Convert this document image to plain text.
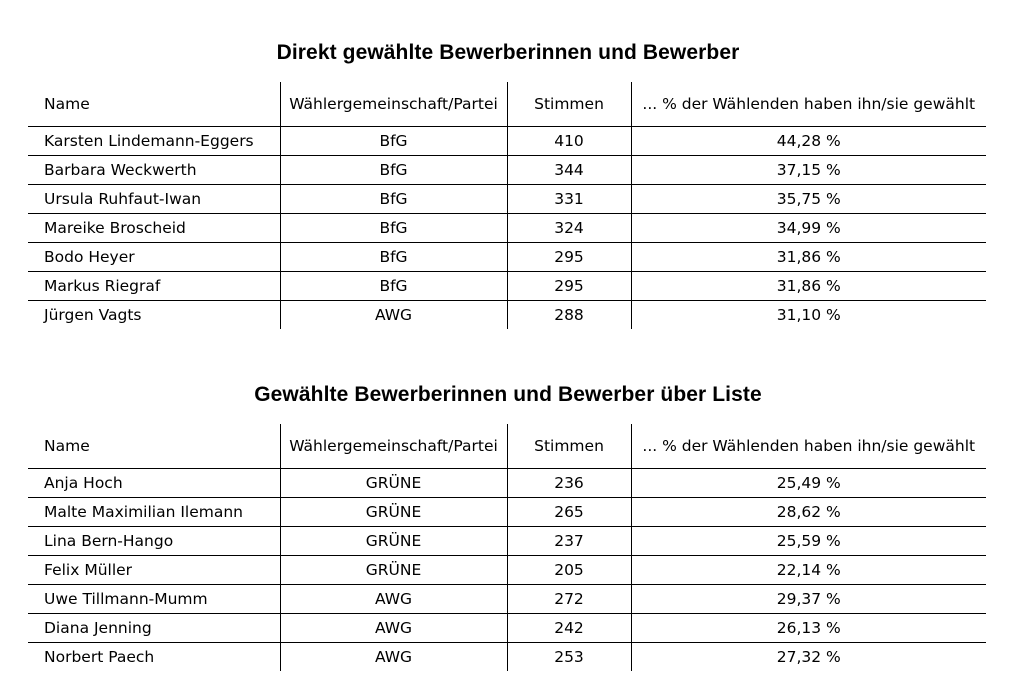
Direkt gewählte Bewerberinnen und Bewerber
Name	Wählergemeinschaft/Partei	Stimmen	... % der Wählenden haben ihn/sie gewählt
Karsten Lindemann-Eggers	BfG	410	44,28 %
Barbara Weckwerth	BfG	344	37,15 %
Ursula Ruhfaut-Iwan	BfG	331	35,75 %
Mareike Broscheid	BfG	324	34,99 %
Bodo Heyer	BfG	295	31,86 %
Markus Riegraf	BfG	295	31,86 %
Jürgen Vagts	AWG	288	31,10 %
Gewählte Bewerberinnen und Bewerber über Liste
Name	Wählergemeinschaft/Partei	Stimmen	... % der Wählenden haben ihn/sie gewählt
Anja Hoch	GRÜNE	236	25,49 %
Malte Maximilian Ilemann	GRÜNE	265	28,62 %
Lina Bern-Hango	GRÜNE	237	25,59 %
Felix Müller	GRÜNE	205	22,14 %
Uwe Tillmann-Mumm	AWG	272	29,37 %
Diana Jenning	AWG	242	26,13 %
Norbert Paech	AWG	253	27,32 %
